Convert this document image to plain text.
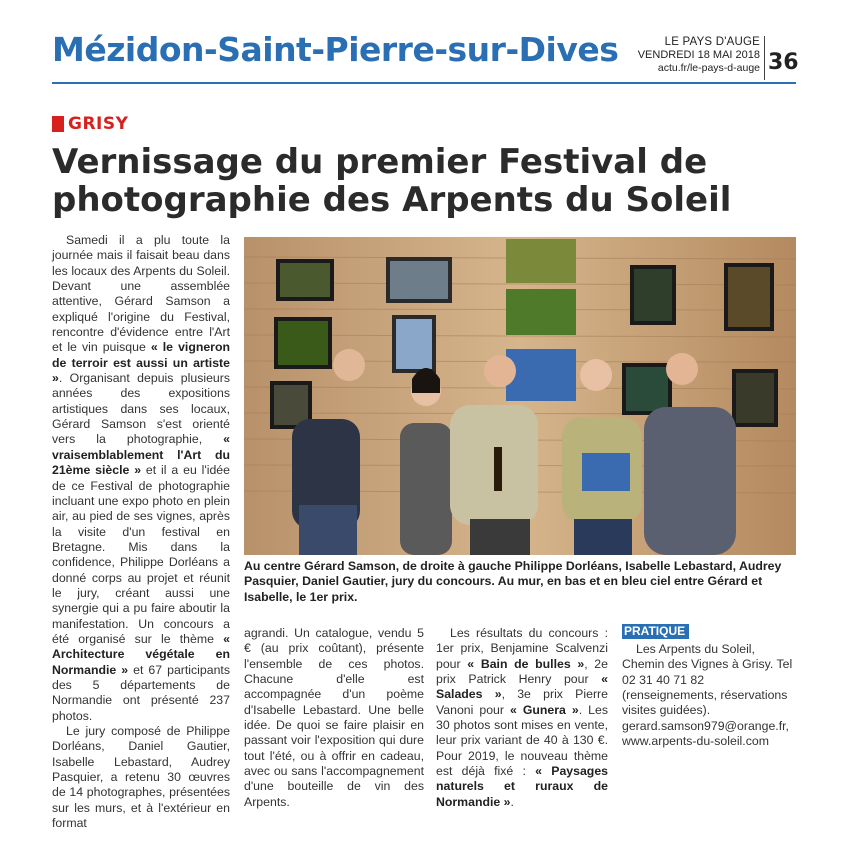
Mézidon-Saint-Pierre-sur-Dives	LE PAYS D'AUGE
VENDREDI 18 MAI 2018
actu.fr/le-pays-d-auge 36
GRISY
Vernissage du premier Festival de photographie des Arpents du Soleil

Samedi il a plu toute la journée mais il faisait beau dans les locaux des Arpents du Soleil. Devant une assemblée attentive, Gérard Samson a expliqué l'origine du Festival, rencontre d'évidence entre l'Art et le vin puisque « le vigneron de terroir est aussi un artiste ». Organisant depuis plusieurs années des expositions artistiques dans ses locaux, Gérard Samson s'est orienté vers la photographie, « vraisemblablement l'Art du 21ème siècle » et il a eu l'idée de ce Festival de photographie incluant une expo photo en plein air, au pied de ses vignes, après la visite d'un festival en Bretagne. Mis dans la confidence, Philippe Dorléans a donné corps au projet et réunit le jury, créant aussi une synergie qui a pu faire aboutir la manifestation. Un concours a été organisé sur le thème « Architecture végétale en Normandie » et 67 participants des 5 départements de Normandie ont présenté 237 photos.

Le jury composé de Philippe Dorléans, Daniel Gautier, Isabelle Lebastard, Audrey Pasquier, a retenu 30 œuvres de 14 photographes, présentées sur les murs, et à l'extérieur en format

Au centre Gérard Samson, de droite à gauche Philippe Dorléans, Isabelle Lebastard, Audrey Pasquier, Daniel Gautier, jury du concours. Au mur, en bas et en bleu ciel entre Gérard et Isabelle, le 1er prix.

agrandi. Un catalogue, vendu 5 € (au prix coûtant), présente l'ensemble de ces photos. Chacune d'elle est accompagnée d'un poème d'Isabelle Lebastard. Une belle idée. De quoi se faire plaisir en passant voir l'exposition qui dure tout l'été, ou à offrir en cadeau, avec ou sans l'accompagnement d'une bouteille de vin des Arpents.

Les résultats du concours : 1er prix, Benjamine Scalvenzi pour « Bain de bulles », 2e prix Patrick Henry pour « Salades », 3e prix Pierre Vanoni pour « Gunera ». Les 30 photos sont mises en vente, leur prix variant de 40 à 130 €. Pour 2019, le nouveau thème est déjà fixé : « Paysages naturels et ruraux de Normandie ».

PRATIQUE

Les Arpents du Soleil, Chemin des Vignes à Grisy. Tel 02 31 40 71 82 (renseignements, réservations visites guidées). gerard.samson979@orange.fr, www.arpents-du-soleil.com
